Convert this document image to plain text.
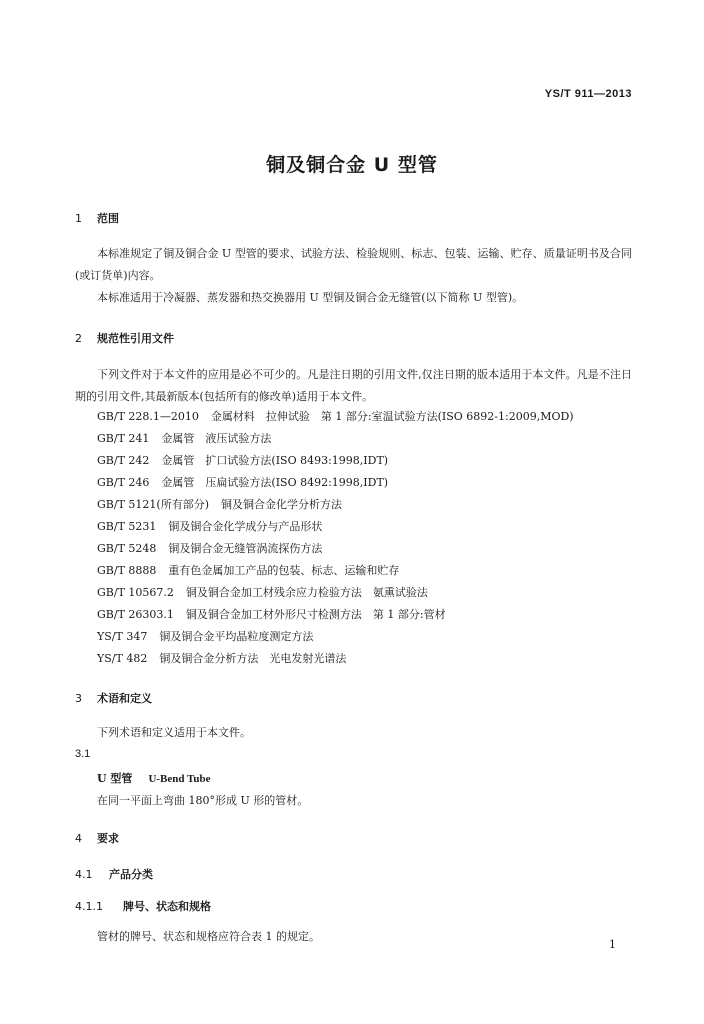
YS/T 911—2013
铜及铜合金 U 型管
1 范围
本标准规定了铜及铜合金 U 型管的要求、试验方法、检验规则、标志、包装、运输、贮存、质量证明书及合同(或订货单)内容。
本标准适用于冷凝器、蒸发器和热交换器用 U 型铜及铜合金无缝管(以下简称 U 型管)。
2 规范性引用文件
下列文件对于本文件的应用是必不可少的。凡是注日期的引用文件,仅注日期的版本适用于本文件。凡是不注日期的引用文件,其最新版本(包括所有的修改单)适用于本文件。
GB/T 228.1—2010 金属材料　拉伸试验　第 1 部分:室温试验方法(ISO 6892-1:2009,MOD)
GB/T 241 金属管　液压试验方法
GB/T 242 金属管　扩口试验方法(ISO 8493:1998,IDT)
GB/T 246 金属管　压扁试验方法(ISO 8492:1998,IDT)
GB/T 5121(所有部分) 铜及铜合金化学分析方法
GB/T 5231 铜及铜合金化学成分与产品形状
GB/T 5248 铜及铜合金无缝管涡流探伤方法
GB/T 8888 重有色金属加工产品的包装、标志、运输和贮存
GB/T 10567.2 铜及铜合金加工材残余应力检验方法　氨熏试验法
GB/T 26303.1 铜及铜合金加工材外形尺寸检测方法　第 1 部分:管材
YS/T 347 铜及铜合金平均晶粒度测定方法
YS/T 482 铜及铜合金分析方法　光电发射光谱法
3 术语和定义
下列术语和定义适用于本文件。
3.1
U 型管 U-Bend Tube
在同一平面上弯曲 180°形成 U 形的管材。
4 要求
4.1 产品分类
4.1.1 牌号、状态和规格
管材的牌号、状态和规格应符合表 1 的规定。
1
